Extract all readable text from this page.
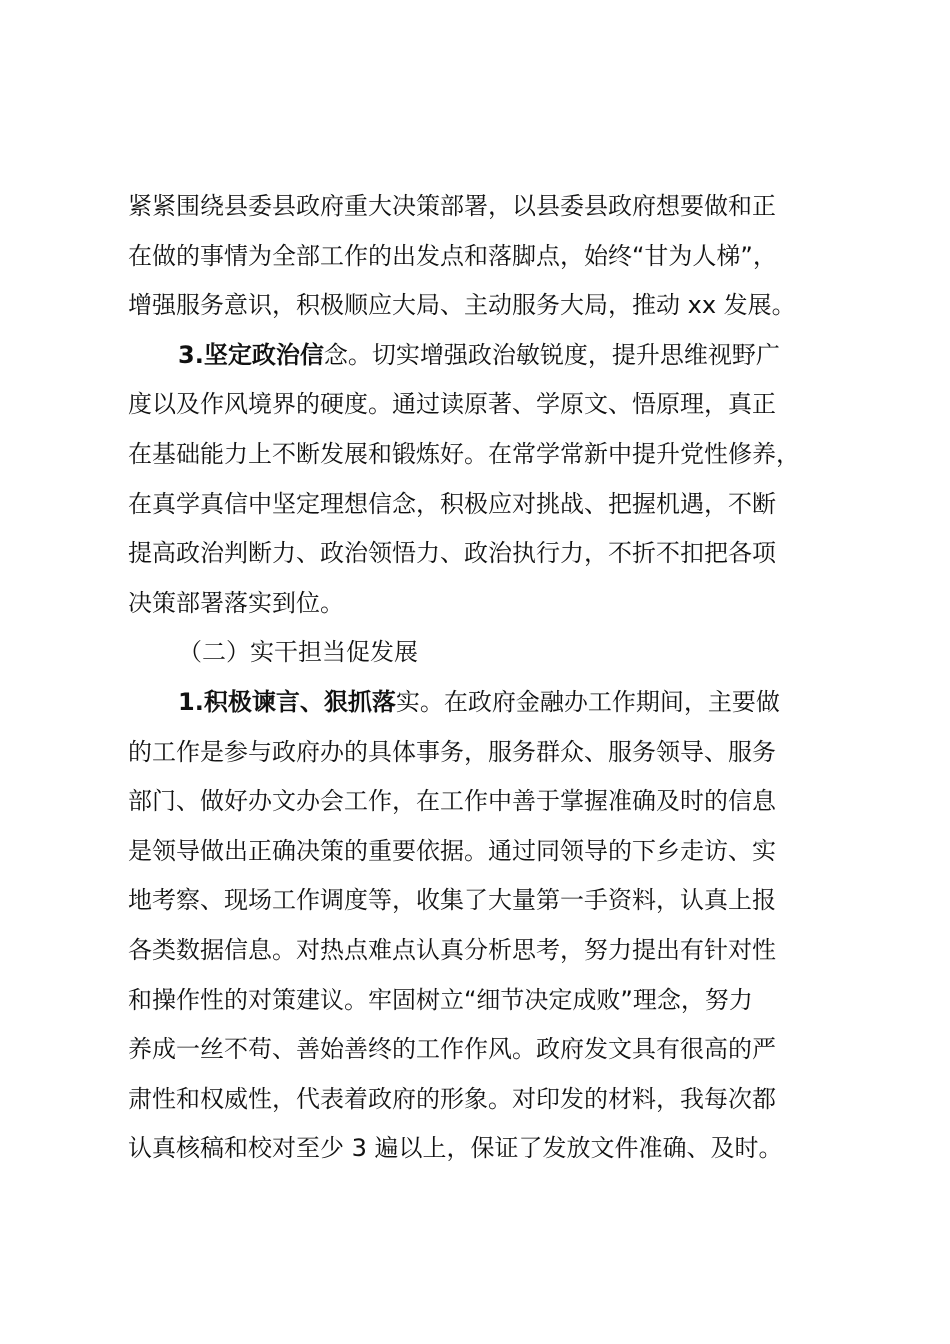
紧紧围绕县委县政府重大决策部署，以县委县政府想要做和正
在做的事情为全部工作的出发点和落脚点，始终“甘为人梯”，
增强服务意识，积极顺应大局、主动服务大局，推动 xx 发展。

3.坚定政治信念。切实增强政治敏锐度，提升思维视野广
度以及作风境界的硬度。通过读原著、学原文、悟原理，真正
在基础能力上不断发展和锻炼好。在常学常新中提升党性修养，
在真学真信中坚定理想信念，积极应对挑战、把握机遇，不断
提高政治判断力、政治领悟力、政治执行力，不折不扣把各项
决策部署落实到位。

（二）实干担当促发展

1.积极谏言、狠抓落实。在政府金融办工作期间，主要做
的工作是参与政府办的具体事务，服务群众、服务领导、服务
部门、做好办文办会工作，在工作中善于掌握准确及时的信息
是领导做出正确决策的重要依据。通过同领导的下乡走访、实
地考察、现场工作调度等，收集了大量第一手资料，认真上报
各类数据信息。对热点难点认真分析思考，努力提出有针对性
和操作性的对策建议。牢固树立“细节决定成败”理念，努力
养成一丝不苟、善始善终的工作作风。政府发文具有很高的严
肃性和权威性，代表着政府的形象。对印发的材料，我每次都
认真核稿和校对至少 3 遍以上，保证了发放文件准确、及时。
